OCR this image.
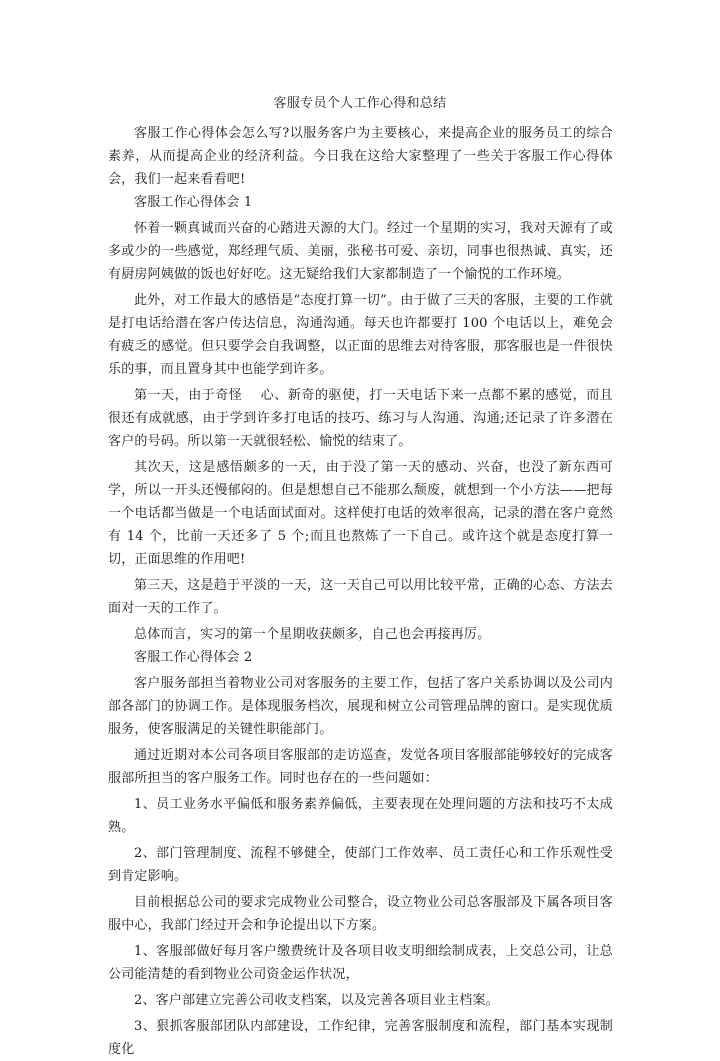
客服专员个人工作心得和总结

客服工作心得体会怎么写?以服务客户为主要核心，来提高企业的服务员工的综合素养，从而提高企业的经济利益。今日我在这给大家整理了一些关于客服工作心得体会，我们一起来看看吧!

客服工作心得体会 1

怀着一颗真诚而兴奋的心踏进天源的大门。经过一个星期的实习，我对天源有了或多或少的一些感觉，郑经理气质、美丽，张秘书可爱、亲切，同事也很热诚、真实，还有厨房阿姨做的饭也好好吃。这无疑给我们大家都制造了一个愉悦的工作环境。

此外，对工作最大的感悟是“态度打算一切”。由于做了三天的客服，主要的工作就是打电话给潜在客户传达信息，沟通沟通。每天也许都要打 100 个电话以上，难免会有疲乏的感觉。但只要学会自我调整，以正面的思维去对待客服，那客服也是一件很快乐的事，而且置身其中也能学到许多。

第一天，由于奇怪　 心、新奇的驱使，打一天电话下来一点都不累的感觉，而且很还有成就感，由于学到许多打电话的技巧、练习与人沟通、沟通;还记录了许多潜在客户的号码。所以第一天就很轻松、愉悦的结束了。

其次天，这是感悟颇多的一天，由于没了第一天的感动、兴奋，也没了新东西可学，所以一开头还慢郁闷的。但是想想自己不能那么颓废，就想到一个小方法——把每一个电话都当做是一个电话面试面对。这样使打电话的效率很高，记录的潜在客户竟然有 14 个，比前一天还多了 5 个;而且也熬炼了一下自己。或许这个就是态度打算一切，正面思维的作用吧!

第三天，这是趋于平淡的一天，这一天自己可以用比较平常，正确的心态、方法去面对一天的工作了。

总体而言，实习的第一个星期收获颇多，自己也会再接再厉。

客服工作心得体会 2

客户服务部担当着物业公司对客服务的主要工作，包括了客户关系协调以及公司内部各部门的协调工作。是体现服务档次，展现和树立公司管理品牌的窗口。是实现优质服务，使客服满足的关键性职能部门。

通过近期对本公司各项目客服部的走访巡查，发觉各项目客服部能够较好的完成客服部所担当的客户服务工作。同时也存在的一些问题如：

1、员工业务水平偏低和服务素养偏低，主要表现在处理问题的方法和技巧不太成熟。

2、部门管理制度、流程不够健全，使部门工作效率、员工责任心和工作乐观性受到肯定影响。

目前根据总公司的要求完成物业公司整合，设立物业公司总客服部及下属各项目客服中心，我部门经过开会和争论提出以下方案。

1、客服部做好每月客户缴费统计及各项目收支明细绘制成表，上交总公司，让总公司能清楚的看到物业公司资金运作状况，

2、客户部建立完善公司收支档案，以及完善各项目业主档案。

3、狠抓客服部团队内部建设，工作纪律，完善客服制度和流程，部门基本实现制度化
